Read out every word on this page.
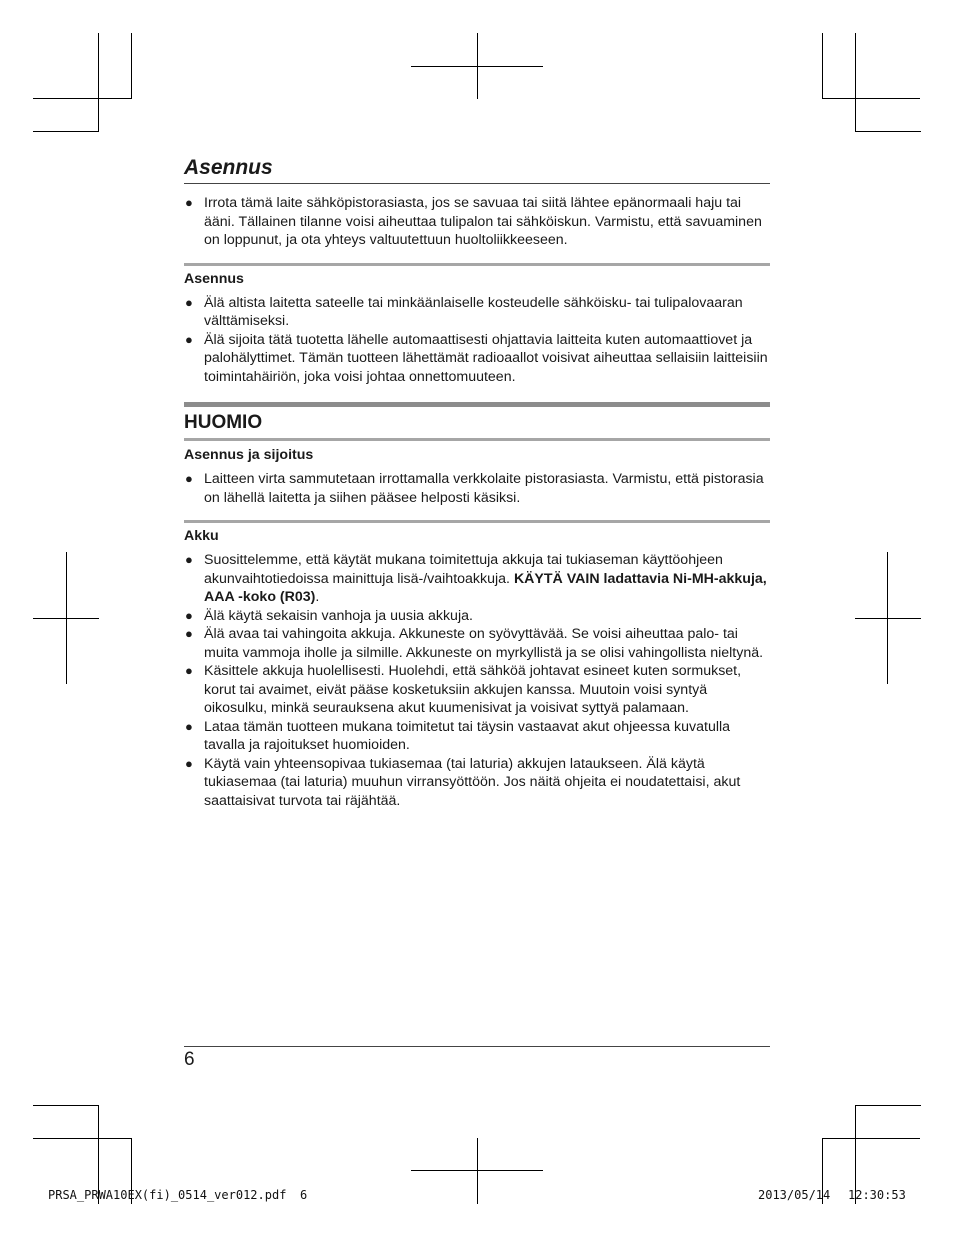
Asennus
● Irrota tämä laite sähköpistorasiasta, jos se savuaa tai siitä lähtee epänormaali haju tai ääni. Tällainen tilanne voisi aiheuttaa tulipalon tai sähköiskun. Varmistu, että savuaminen on loppunut, ja ota yhteys valtuutettuun huoltoliikkeeseen.
Asennus
● Älä altista laitetta sateelle tai minkäänlaiselle kosteudelle sähköisku- tai tulipalovaaran välttämiseksi.
● Älä sijoita tätä tuotetta lähelle automaattisesti ohjattavia laitteita kuten automaattiovet ja palohälyttimet. Tämän tuotteen lähettämät radioaallot voisivat aiheuttaa sellaisiin laitteisiin toimintahäiriön, joka voisi johtaa onnettomuuteen.
HUOMIO
Asennus ja sijoitus
● Laitteen virta sammutetaan irrottamalla verkkolaite pistorasiasta. Varmistu, että pistorasia on lähellä laitetta ja siihen pääsee helposti käsiksi.
Akku
● Suosittelemme, että käytät mukana toimitettuja akkuja tai tukiaseman käyttöohjeen akunvaihtotiedoissa mainittuja lisä-/vaihtoakkuja. KÄYTÄ VAIN ladattavia Ni-MH-akkuja, AAA -koko (R03).
● Älä käytä sekaisin vanhoja ja uusia akkuja.
● Älä avaa tai vahingoita akkuja. Akkuneste on syövyttävää. Se voisi aiheuttaa palo- tai muita vammoja iholle ja silmille. Akkuneste on myrkyllistä ja se olisi vahingollista nieltynä.
● Käsittele akkuja huolellisesti. Huolehdi, että sähköä johtavat esineet kuten sormukset, korut tai avaimet, eivät pääse kosketuksiin akkujen kanssa. Muutoin voisi syntyä oikosulku, minkä seurauksena akut kuumenisivat ja voisivat syttyä palamaan.
● Lataa tämän tuotteen mukana toimitetut tai täysin vastaavat akut ohjeessa kuvatulla tavalla ja rajoitukset huomioiden.
● Käytä vain yhteensopivaa tukiasemaa (tai laturia) akkujen lataukseen. Älä käytä tukiasemaa (tai laturia) muuhun virransyöttöön. Jos näitä ohjeita ei noudatettaisi, akut saattaisivat turvota tai räjähtää.
6
PRSA_PRWA10EX(fi)_0514_ver012.pdf 6	2013/05/14 12:30:53
